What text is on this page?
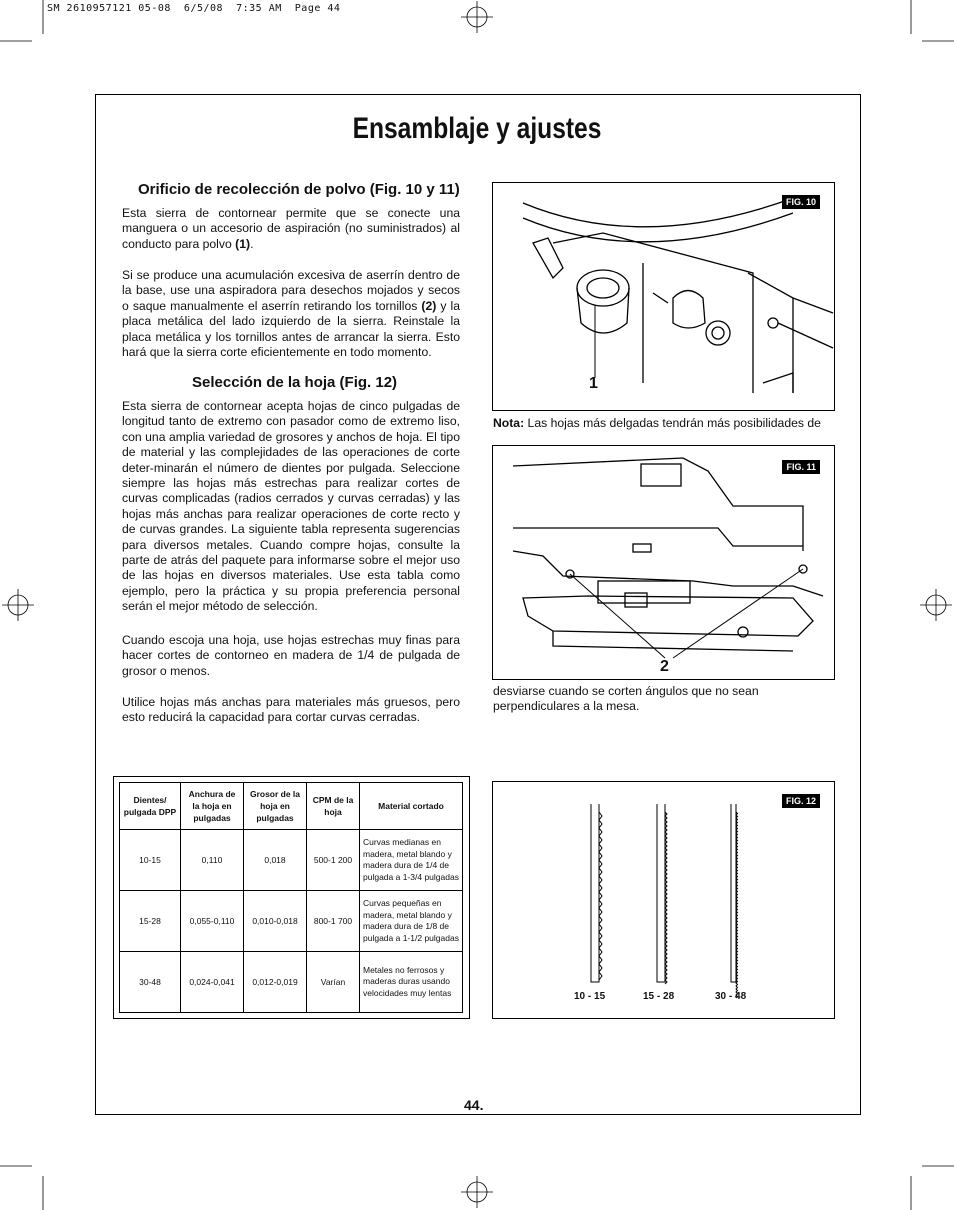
SM 2610957121 05-08  6/5/08  7:35 AM  Page 44
Ensamblaje y ajustes
Orificio de recolección de polvo (Fig. 10 y 11)
Esta sierra de contornear permite que se conecte una manguera o un accesorio de aspiración (no suministrados) al conducto para polvo (1).
Si se produce una acumulación excesiva de aserrín dentro de la base, use una aspiradora para desechos mojados y secos o saque manualmente el aserrín retirando los tornillos (2) y la placa metálica del lado izquierdo de la sierra. Reinstale la placa metálica y los tornillos antes de arrancar la sierra. Esto hará que la sierra corte eficientemente en todo momento.
Selección de la hoja (Fig. 12)
Esta sierra de contornear acepta hojas de cinco pulgadas de longitud tanto de extremo con pasador como de extremo liso, con una amplia variedad de grosores y anchos de hoja. El tipo de material y las complejidades de las operaciones de corte deter-minarán el número de dientes por pulgada. Seleccione siempre las hojas más estrechas para realizar cortes de curvas complicadas (radios cerrados y curvas cerradas) y las hojas más anchas para realizar operaciones de corte recto y de curvas grandes. La siguiente tabla representa sugerencias para diversos metales. Cuando compre hojas, consulte la parte de atrás del paquete para informarse sobre el mejor uso de las hojas en diversos materiales. Use esta tabla como ejemplo, pero la práctica y su propia preferencia personal serán el mejor método de selección.
Cuando escoja una hoja, use hojas estrechas muy finas para hacer cortes de contorneo en madera de 1/4 de pulgada de grosor o menos.
Utilice hojas más anchas para materiales más gruesos, pero esto reducirá la capacidad para cortar curvas cerradas.
FIG. 10
1
Nota: Las hojas más delgadas tendrán más posibilidades de
FIG. 11
2
desviarse cuando se corten ángulos que no sean perpendiculares a la mesa.
Dientes/ pulgada DPP	Anchura de la hoja en pulgadas	Grosor de la hoja en pulgadas	CPM de la hoja	Material cortado
10-15	0,110	0,018	500-1 200	Curvas medianas en madera, metal blando y madera dura de 1/4 de pulgada a 1-3/4 pulgadas
15-28	0,055-0,110	0,010-0,018	800-1 700	Curvas pequeñas en madera, metal blando y madera dura de 1/8 de pulgada a 1-1/2 pulgadas
30-48	0,024-0,041	0,012-0,019	Varían	Metales no ferrosos y maderas duras usando velocidades muy lentas
FIG. 12
10 - 15	15 - 28	30 - 48
44.
